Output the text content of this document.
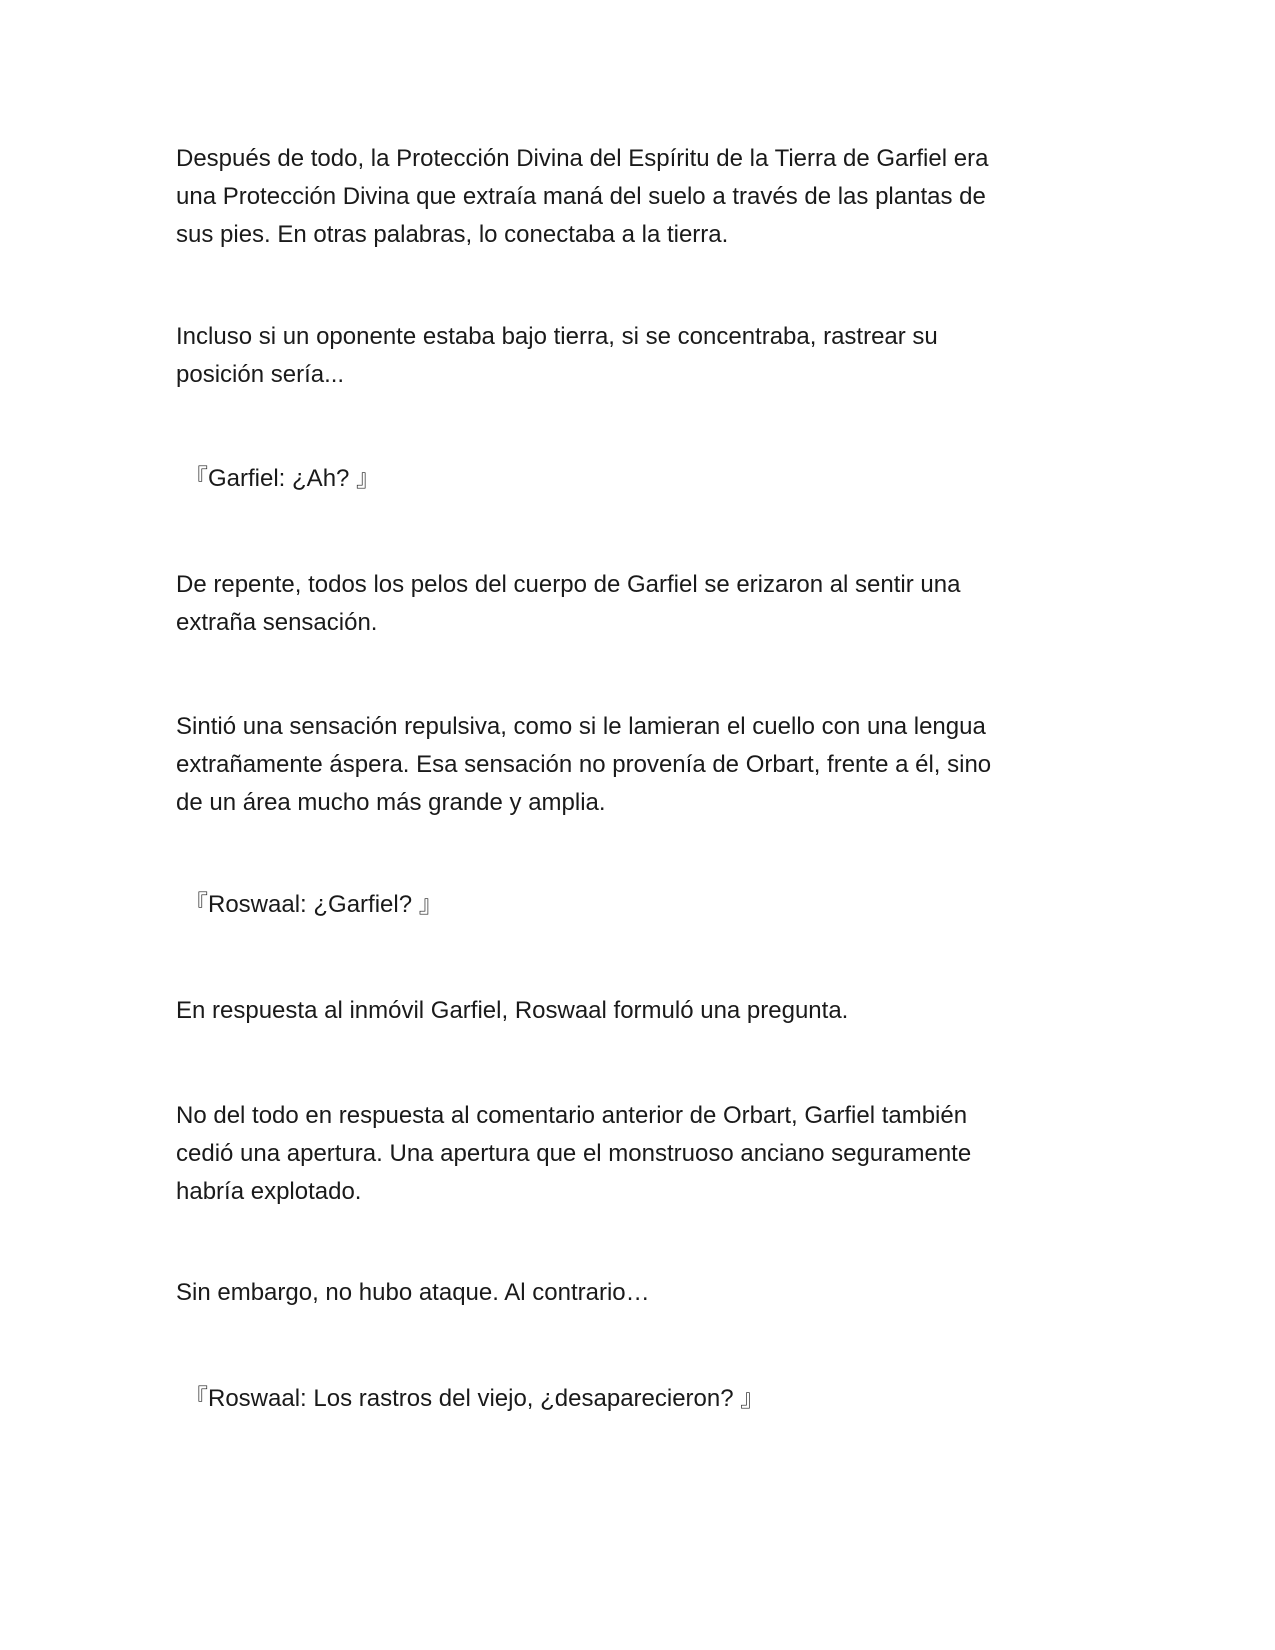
Después de todo, la Protección Divina del Espíritu de la Tierra de Garfiel era
una Protección Divina que extraía maná del suelo a través de las plantas de
sus pies. En otras palabras, lo conectaba a la tierra.

Incluso si un oponente estaba bajo tierra, si se concentraba, rastrear su
posición sería...

『Garfiel: ¿Ah? 』

De repente, todos los pelos del cuerpo de Garfiel se erizaron al sentir una
extraña sensación.

Sintió una sensación repulsiva, como si le lamieran el cuello con una lengua
extrañamente áspera. Esa sensación no provenía de Orbart, frente a él, sino
de un área mucho más grande y amplia.

『Roswaal: ¿Garfiel? 』

En respuesta al inmóvil Garfiel, Roswaal formuló una pregunta.

No del todo en respuesta al comentario anterior de Orbart, Garfiel también
cedió una apertura. Una apertura que el monstruoso anciano seguramente
habría explotado.

Sin embargo, no hubo ataque. Al contrario…

『Roswaal: Los rastros del viejo, ¿desaparecieron? 』
